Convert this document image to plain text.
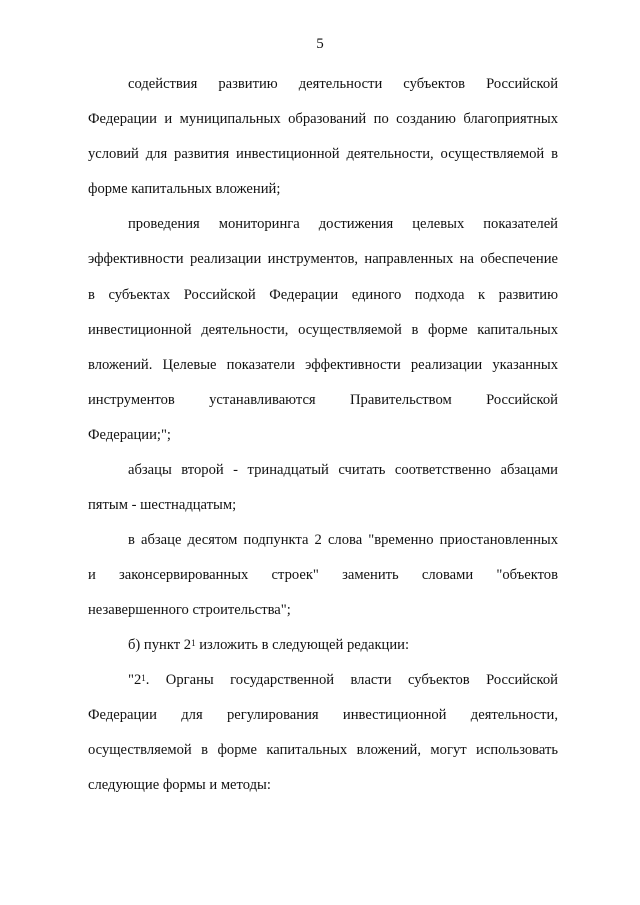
5
содействия развитию деятельности субъектов Российской
Федерации и муниципальных образований по созданию благоприятных
условий для развития инвестиционной деятельности, осуществляемой в
форме капитальных вложений;
проведения мониторинга достижения целевых показателей
эффективности реализации инструментов, направленных на обеспечение
в субъектах Российской Федерации единого подхода к развитию
инвестиционной деятельности, осуществляемой в форме капитальных
вложений. Целевые показатели эффективности реализации указанных
инструментов устанавливаются Правительством Российской
Федерации;";
абзацы второй - тринадцатый считать соответственно абзацами
пятым - шестнадцатым;
в абзаце десятом подпункта 2 слова "временно приостановленных
и законсервированных строек" заменить словами "объектов
незавершенного строительства";
б) пункт $2^1$ изложить в следующей редакции:
"$2^1$. Органы государственной власти субъектов Российской
Федерации для регулирования инвестиционной деятельности,
осуществляемой в форме капитальных вложений, могут использовать
следующие формы и методы:
